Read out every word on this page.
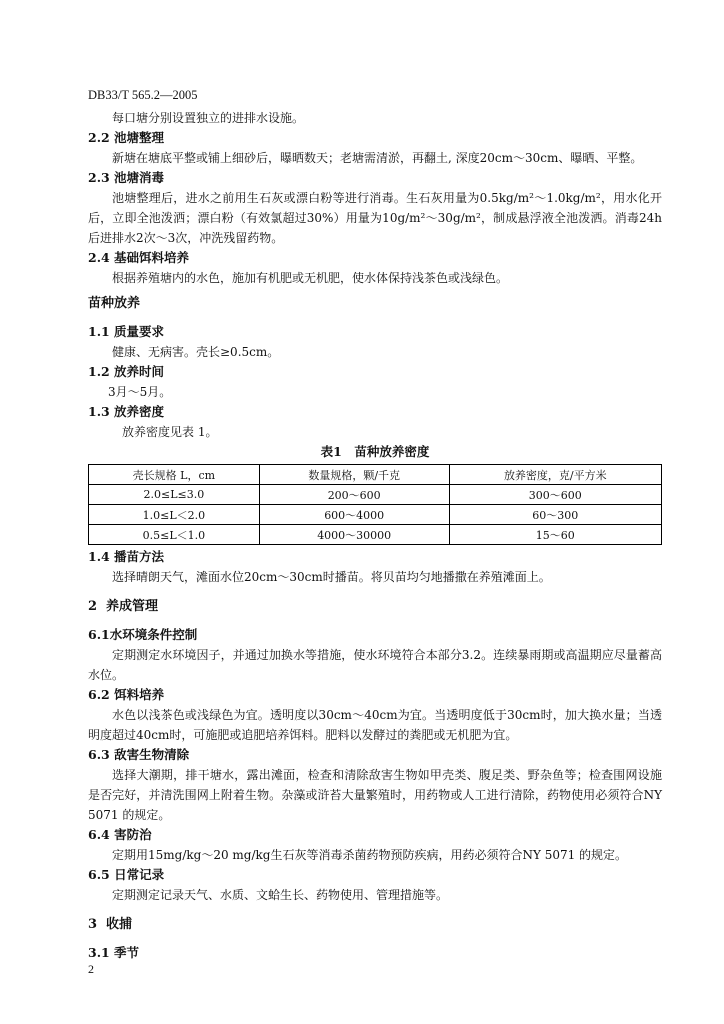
DB33/T 565.2—2005
每口塘分别设置独立的进排水设施。
2.2 池塘整理

新塘在塘底平整或铺上细砂后，曝晒数天；老塘需清淤，再翻土, 深度20cm～30cm、曝晒、平整。

2.3 池塘消毒

池塘整理后，进水之前用生石灰或漂白粉等进行消毒。生石灰用量为0.5kg/m²～1.0kg/m²，用水化开后，立即全池泼洒；漂白粉（有效氯超过30%）用量为10g/m²～30g/m²，制成悬浮液全池泼洒。消毒24h后进排水2次～3次，冲洗残留药物。

2.4 基础饵料培养

根据养殖塘内的水色，施加有机肥或无机肥，使水体保持浅茶色或浅绿色。

苗种放养
1.1 质量要求

健康、无病害。壳长≥0.5cm。

1.2 放养时间

3月～5月。

1.3 放养密度

放养密度见表 1。

表1　苗种放养密度
壳长规格 L，cm	数量规格，颗/千克	放养密度，克/平方米
2.0≤L≤3.0	200～600	300～600
1.0≤L＜2.0	600～4000	60～300
0.5≤L＜1.0	4000～30000	15～60
1.4 播苗方法

选择晴朗天气，滩面水位20cm～30cm时播苗。将贝苗均匀地播撒在养殖滩面上。

2 养成管理
6.1水环境条件控制

定期测定水环境因子，并通过加换水等措施，使水环境符合本部分3.2。连续暴雨期或高温期应尽量蓄高水位。

6.2 饵料培养

水色以浅茶色或浅绿色为宜。透明度以30cm～40cm为宜。当透明度低于30cm时，加大换水量；当透明度超过40cm时，可施肥或追肥培养饵料。肥料以发酵过的粪肥或无机肥为宜。

6.3 敌害生物清除

选择大潮期，排干塘水，露出滩面，检查和清除敌害生物如甲壳类、腹足类、野杂鱼等；检查围网设施是否完好，并清洗围网上附着生物。杂藻或浒苔大量繁殖时，用药物或人工进行清除，药物使用必须符合NY 5071 的规定。

6.4 害防治

定期用15mg/kg～20 mg/kg生石灰等消毒杀菌药物预防疾病，用药必须符合NY 5071 的规定。

6.5 日常记录

定期测定记录天气、水质、文蛤生长、药物使用、管理措施等。

3 收捕
3.1 季节
2
